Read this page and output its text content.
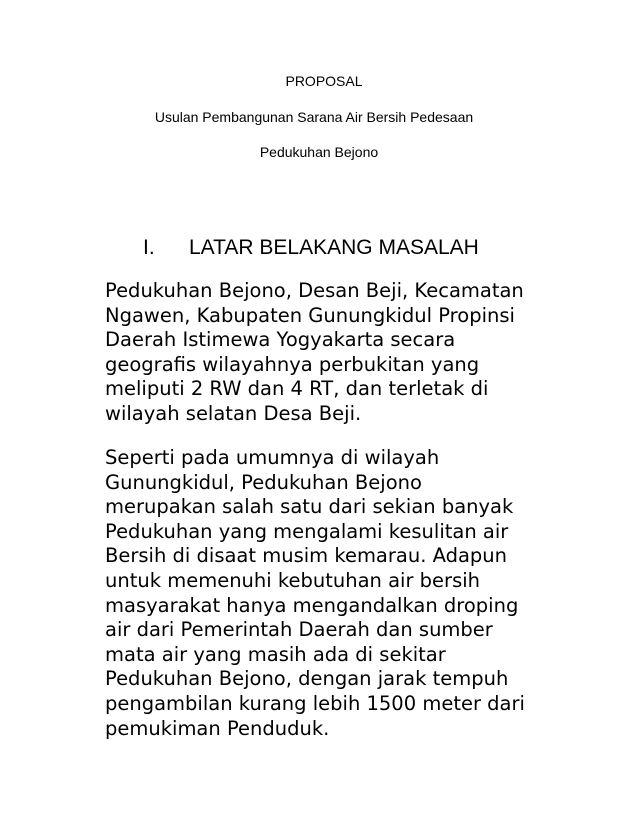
PROPOSAL
Usulan Pembangunan Sarana Air Bersih Pedesaan
Pedukuhan Bejono
I. LATAR BELAKANG MASALAH

Pedukuhan Bejono, Desan Beji, Kecamatan
Ngawen, Kabupaten Gunungkidul Propinsi
Daerah Istimewa Yogyakarta secara
geografis wilayahnya perbukitan yang
meliputi 2 RW dan 4 RT, dan terletak di
wilayah selatan Desa Beji.

Seperti pada umumnya di wilayah
Gunungkidul, Pedukuhan Bejono
merupakan salah satu dari sekian banyak
Pedukuhan yang mengalami kesulitan air
Bersih di disaat musim kemarau. Adapun
untuk memenuhi kebutuhan air bersih
masyarakat hanya mengandalkan droping
air dari Pemerintah Daerah dan sumber
mata air yang masih ada di sekitar
Pedukuhan Bejono, dengan jarak tempuh
pengambilan kurang lebih 1500 meter dari
pemukiman Penduduk.
